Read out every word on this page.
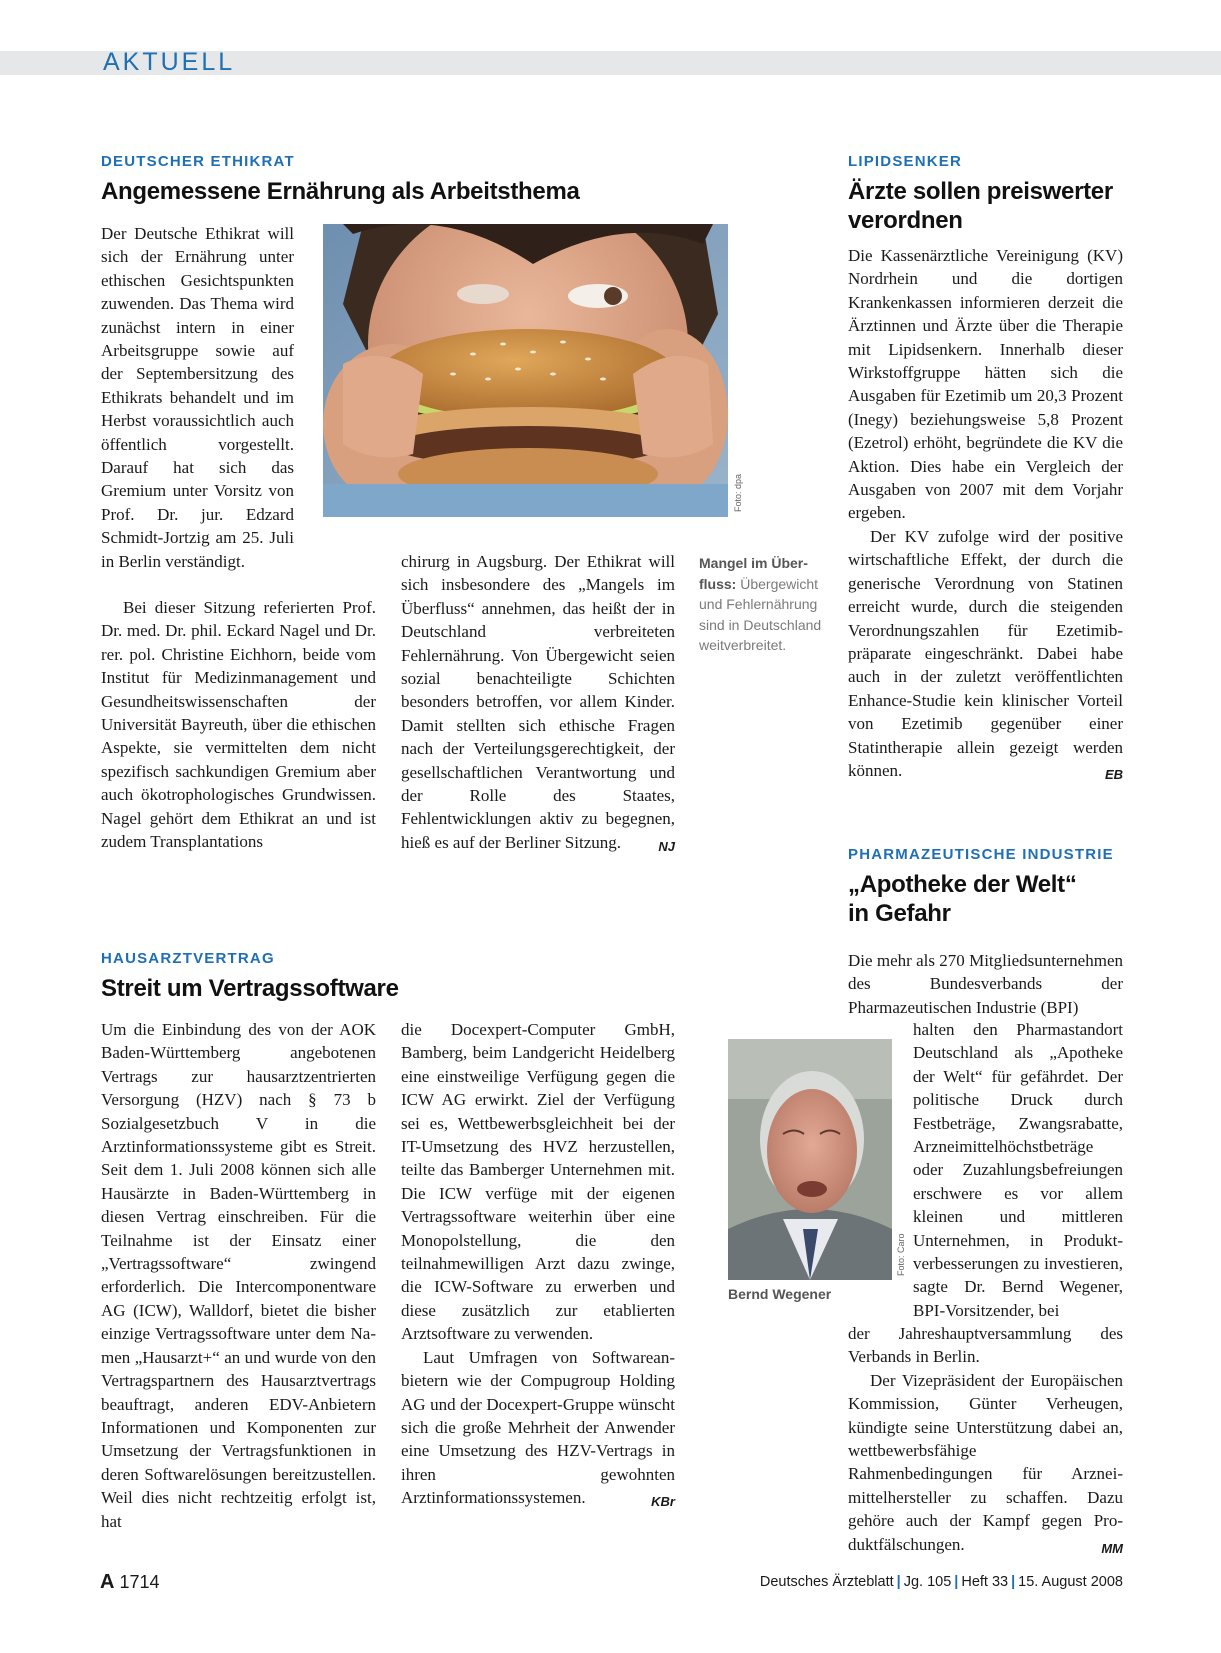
AKTUELL
DEUTSCHER ETHIKRAT
Angemessene Ernährung als Arbeitsthema
Foto: dpa

Der Deutsche Ethikrat will sich der Ernährung unter ethischen Gesichtspunkten zuwenden. Das Thema wird zunächst intern in einer Arbeitsgruppe sowie auf der Septembersitzung des Ethikrats behandelt und im Herbst voraussichtlich auch öffentlich vorgestellt. Darauf hat sich das Gremium unter Vorsitz von Prof. Dr. jur. Edzard Schmidt-Jortzig am 25. Juli in Berlin verständigt.

Bei dieser Sitzung referierten Prof. Dr. med. Dr. phil. Eckard Nagel und Dr. rer. pol. Christine Eichhorn, beide vom Institut für Medizinmanagement und Gesundheitswissenschaften der Universität Bayreuth, über die ethischen Aspekte, sie vermittelten dem nicht spezifisch sachkundigen Gremium aber auch ökotrophologisches Grundwissen. Nagel gehört dem Ethikrat an und ist zudem Transplantations

chirurg in Augsburg. Der Ethikrat will sich insbesondere des „Mangels im Überfluss“ annehmen, das heißt der in Deutschland verbreiteten Fehlernährung. Von Übergewicht seien sozial benachteiligte Schichten besonders betroffen, vor allem Kinder. Damit stellten sich ethische Fragen nach der Verteilungsgerechtigkeit, der gesellschaftlichen Verantwortung und der Rolle des Staates, Fehlentwicklungen aktiv zu begegnen, hieß es auf der Berliner Sitzung.	NJ

Mangel im Überfluss: Übergewicht und Fehlernährung sind in Deutschland weitverbreitet.
LIPIDSENKER
Ärzte sollen preiswerter verordnen

Die Kassenärztliche Vereinigung (KV) Nordrhein und die dortigen Krankenkassen informieren derzeit die Ärztinnen und Ärzte über die Therapie mit Lipidsenkern. Innerhalb dieser Wirkstoffgruppe hätten sich die Ausgaben für Ezetimib um 20,3 Prozent (Inegy) beziehungsweise 5,8 Prozent (Ezetrol) erhöht, begründete die KV die Aktion. Dies habe ein Vergleich der Ausgaben von 2007 mit dem Vorjahr ergeben.

Der KV zufolge wird der positive wirtschaftliche Effekt, der durch die generische Verordnung von Statinen erreicht wurde, durch die steigenden Verordnungszahlen für Ezetimibpräparate eingeschränkt. Dabei habe auch in der zuletzt veröffentlichten Enhance-Studie kein klinischer Vorteil von Ezetimib gegenüber einer Statintherapie allein gezeigt werden können.	EB

HAUSARZTVERTRAG
Streit um Vertragssoftware

Um die Einbindung des von der AOK Baden-Württemberg angebotenen Vertrags zur hausarztzentrierten Versorgung (HZV) nach § 73 b Sozialgesetzbuch V in die Arztinformationssysteme gibt es Streit. Seit dem 1. Juli 2008 können sich alle Hausärzte in Baden-Württemberg in diesen Vertrag einschreiben. Für die Teilnahme ist der Einsatz einer „Vertragssoftware“ zwingend erforderlich. Die Intercomponentware AG (ICW), Walldorf, bietet die bisher einzige Vertragssoftware unter dem Namen „Hausarzt+“ an und wurde von den Vertragspartnern des Hausarztvertrags beauftragt, anderen EDV-Anbietern Informationen und Komponenten zur Umsetzung der Vertragsfunktionen in deren Softwarelösungen bereitzustellen. Weil dies nicht rechtzeitig erfolgt ist, hat

die Docexpert-Computer GmbH, Bamberg, beim Landgericht Heidelberg eine einstweilige Verfügung gegen die ICW AG erwirkt. Ziel der Verfügung sei es, Wettbewerbsgleichheit bei der IT-Umsetzung des HVZ herzustellen, teilte das Bamberger Unternehmen mit. Die ICW verfüge mit der eigenen Vertragssoftware weiterhin über eine Monopolstellung, die den teilnahmewilligen Arzt dazu zwinge, die ICW-Software zu erwerben und diese zusätzlich zur etablierten Arztsoftware zu verwenden.

Laut Umfragen von Softwareanbietern wie der Compugroup Holding AG und der Docexpert-Gruppe wünscht sich die große Mehrheit der Anwender eine Umsetzung des HZV-Vertrags in ihren gewohnten Arztinformationssystemen.	KBr

PHARMAZEUTISCHE INDUSTRIE
„Apotheke der Welt“
in Gefahr

Die mehr als 270 Mitgliedsunternehmen des Bundesverbands der Pharmazeutischen Industrie (BPI)

Foto: Caro
Bernd Wegener

halten den Pharmastandort Deutschland als „Apotheke der Welt“ für gefährdet. Der politische Druck durch Festbeträge, Zwangsrabatte, Arzneimittelhöchstbeträge oder Zuzahlungsbefreiungen erschwere es vor allem kleinen und mittleren Unternehmen, in Produktverbesserungen zu investieren, sagte Dr. Bernd Wegener, BPI-Vorsitzender, bei

der Jahreshauptversammlung des Verbands in Berlin.

Der Vizepräsident der Europäischen Kommission, Günter Verheugen, kündigte seine Unterstützung dabei an, wettbewerbsfähige Rahmenbedingungen für Arzneimittelhersteller zu schaffen. Dazu gehöre auch der Kampf gegen Produktfälschungen.	MM

A 1714	Deutsches Ärzteblatt | Jg. 105 | Heft 33 | 15. August 2008
